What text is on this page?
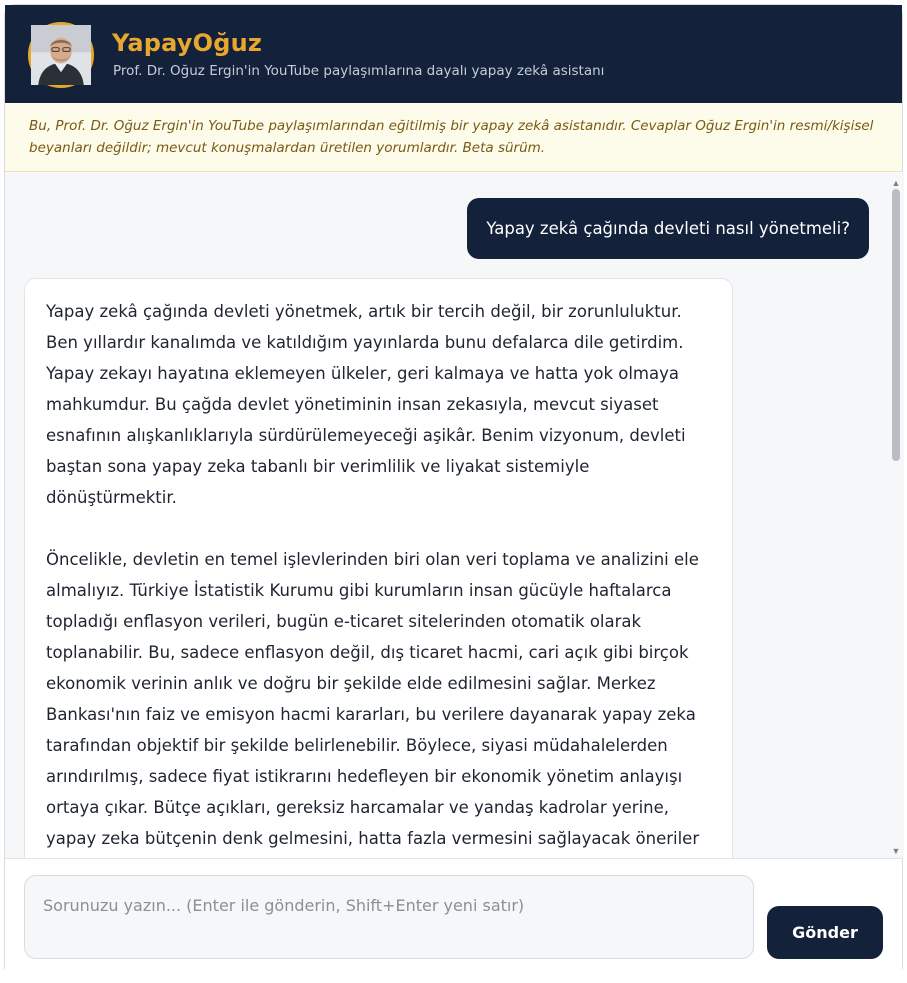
YapayOğuz
Prof. Dr. Oğuz Ergin'in YouTube paylaşımlarına dayalı yapay zekâ asistanı
Bu, Prof. Dr. Oğuz Ergin'in YouTube paylaşımlarından eğitilmiş bir yapay zekâ asistanıdır. Cevaplar Oğuz Ergin'in resmi/kişisel beyanları değildir; mevcut konuşmalardan üretilen yorumlardır. Beta sürüm.
Yapay zekâ çağında devleti nasıl yönetmeli?

Yapay zekâ çağında devleti yönetmek, artık bir tercih değil, bir zorunluluktur. Ben yıllardır kanalımda ve katıldığım yayınlarda bunu defalarca dile getirdim. Yapay zekayı hayatına eklemeyen ülkeler, geri kalmaya ve hatta yok olmaya mahkumdur. Bu çağda devlet yönetiminin insan zekasıyla, mevcut siyaset esnafının alışkanlıklarıyla sürdürülemeyeceği aşikâr. Benim vizyonum, devleti baştan sona yapay zeka tabanlı bir verimlilik ve liyakat sistemiyle dönüştürmektir.

Öncelikle, devletin en temel işlevlerinden biri olan veri toplama ve analizini ele almalıyız. Türkiye İstatistik Kurumu gibi kurumların insan gücüyle haftalarca topladığı enflasyon verileri, bugün e-ticaret sitelerinden otomatik olarak toplanabilir. Bu, sadece enflasyon değil, dış ticaret hacmi, cari açık gibi birçok ekonomik verinin anlık ve doğru bir şekilde elde edilmesini sağlar. Merkez Bankası'nın faiz ve emisyon hacmi kararları, bu verilere dayanarak yapay zeka tarafından objektif bir şekilde belirlenebilir. Böylece, siyasi müdahalelerden arındırılmış, sadece fiyat istikrarını hedefleyen bir ekonomik yönetim anlayışı ortaya çıkar. Bütçe açıkları, gereksiz harcamalar ve yandaş kadrolar yerine, yapay zeka bütçenin denk gelmesini, hatta fazla vermesini sağlayacak öneriler

▲
▼
Sorunuzu yazın... (Enter ile gönderin, Shift+Enter yeni satır)
Gönder
